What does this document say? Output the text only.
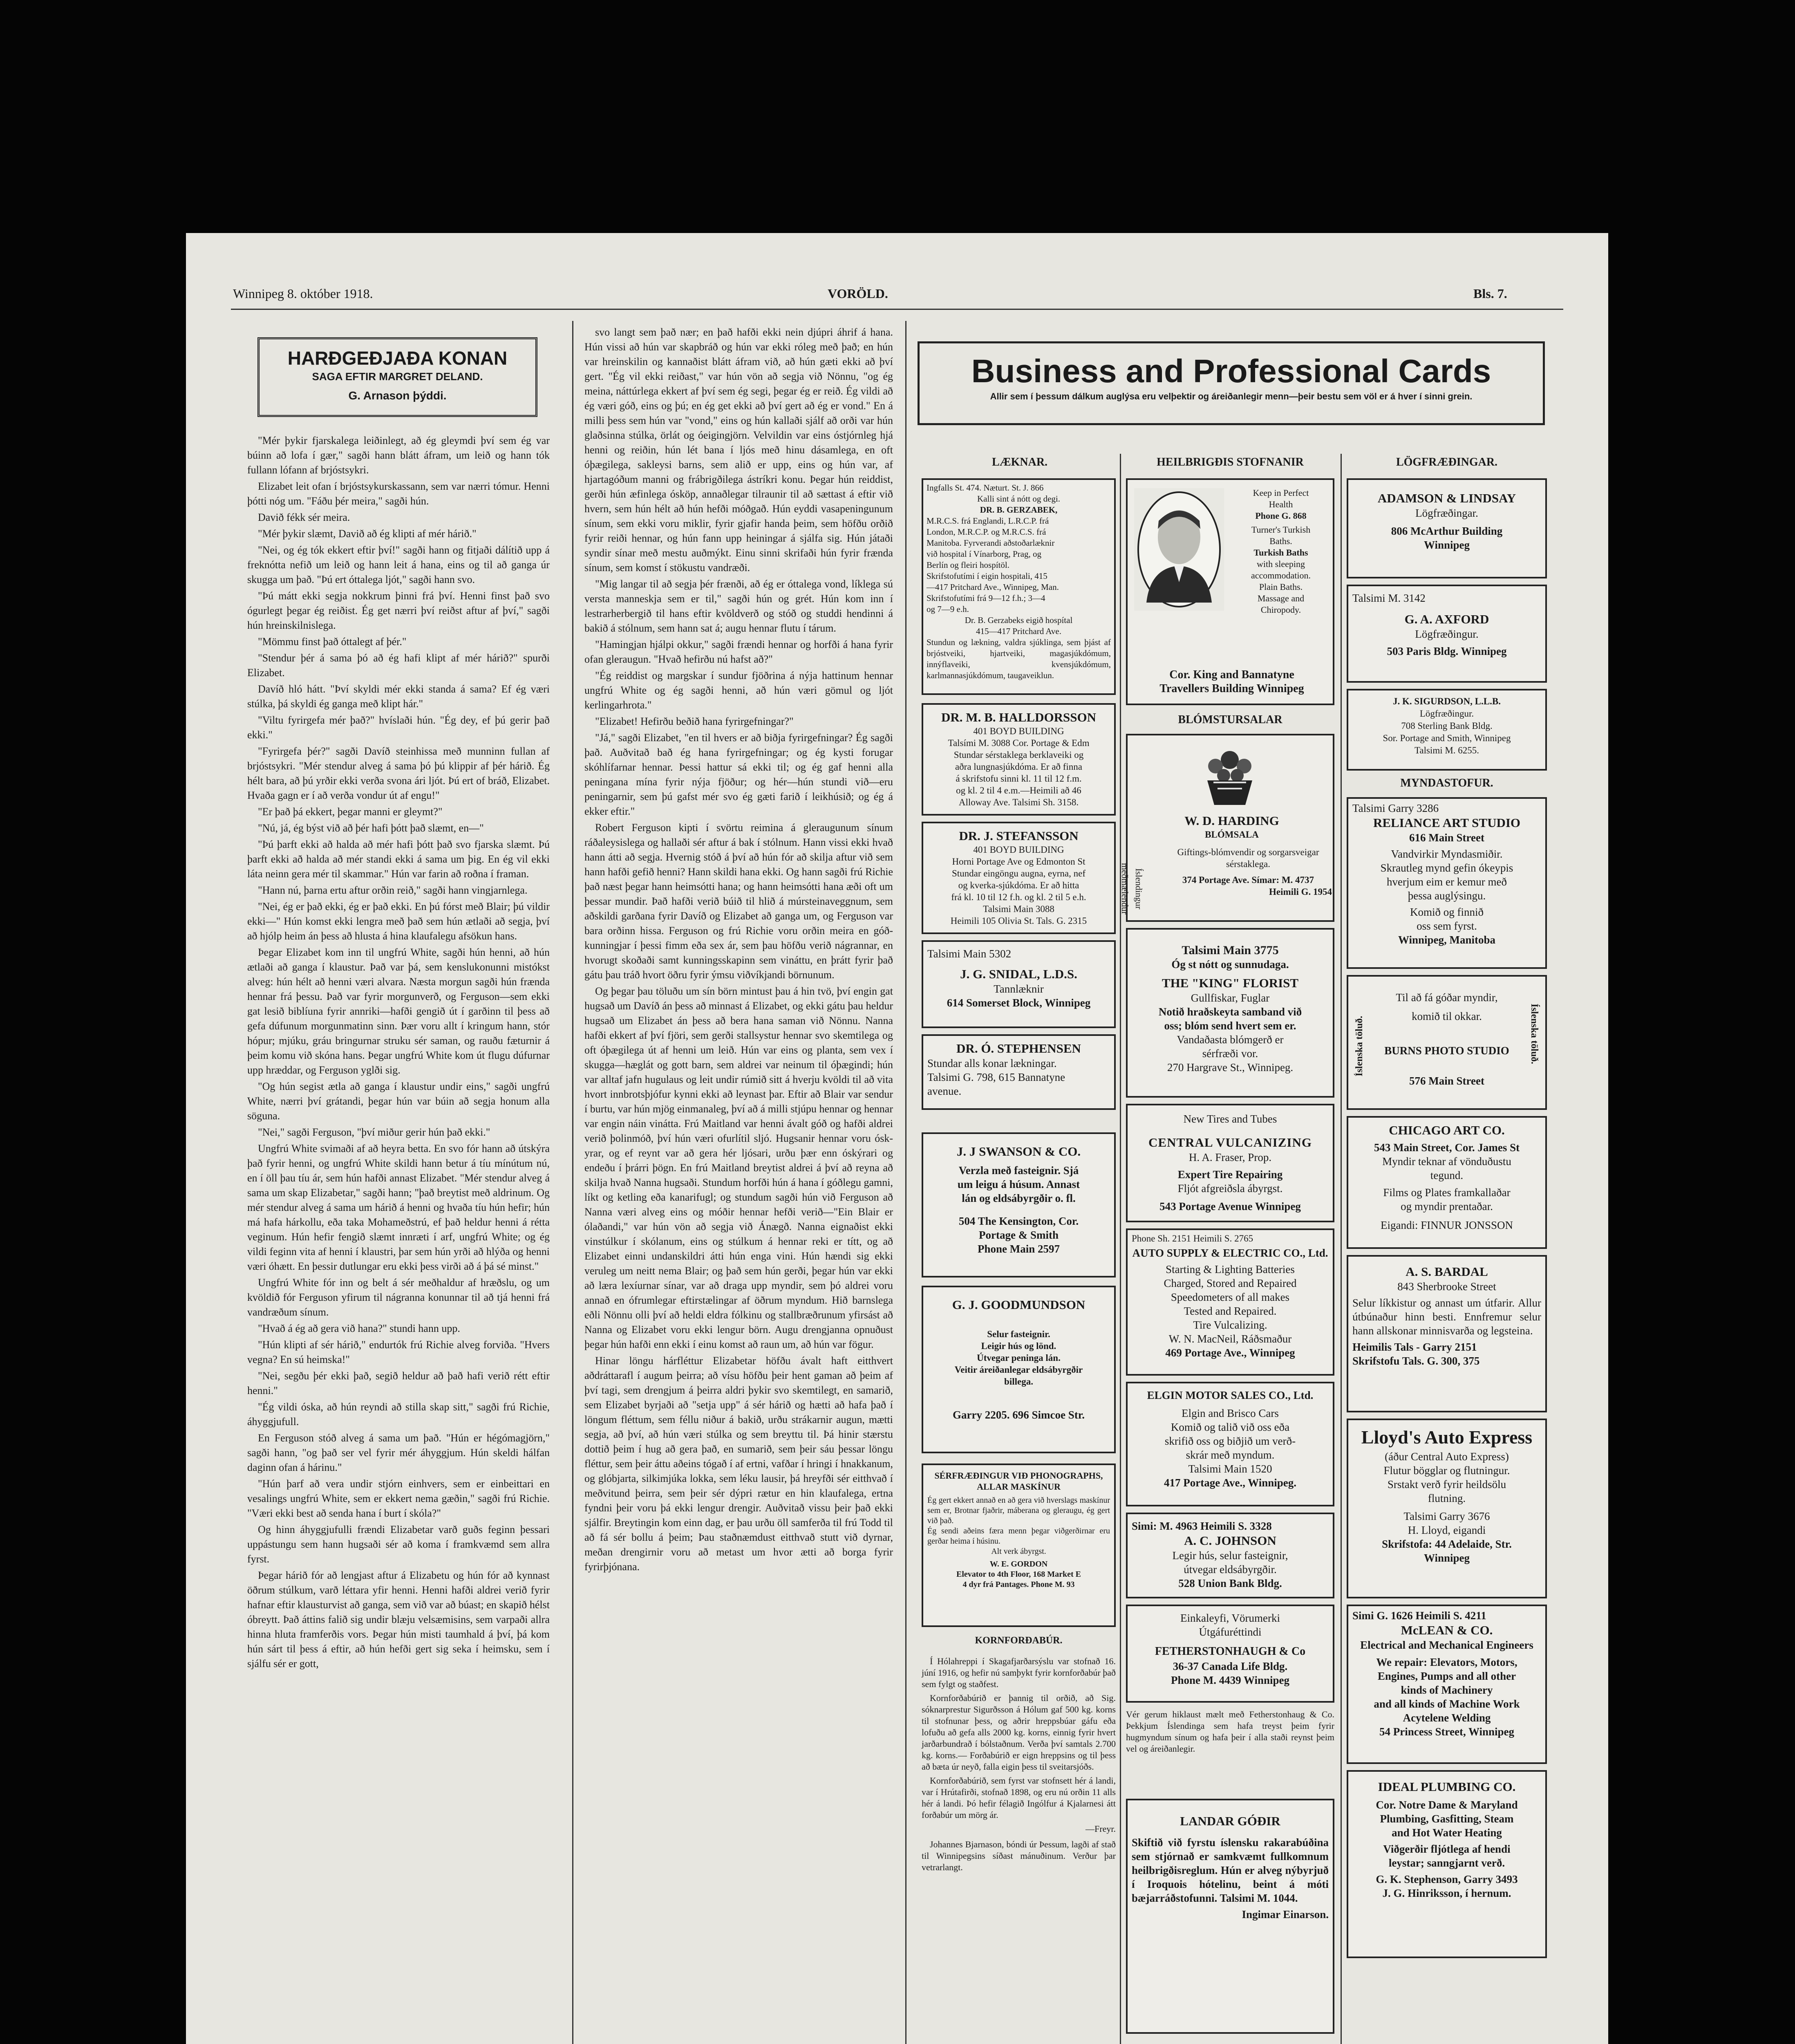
Winnipeg 8. október 1918.	VORÖLD.	Bls. 7.
HARÐGEÐJAÐA KONAN
SAGA EFTIR MARGRET DELAND.
G. Arnason þýddi.

"Mér þykir fjarskalega leiðinlegt, að ég gleymdi því sem ég var búinn að lofa í gær," sagði hann blátt áfram, um leið og hann tók fullann lófann af brjóstsykri.

Elizabet leit ofan í brjóstsykurskassann, sem var nærri tómur. Henni þótti nóg um. "Fáðu þér meira," sagði hún.

Davið fékk sér meira.

"Mér þykir slæmt, Davið að ég klipti af mér hárið."

"Nei, og ég tók ekkert eftir því!" sagði hann og fitjaði dálítið upp á freknótta nefið um leið og hann leit á hana, eins og til að ganga úr skugga um það. "Þú ert óttalega ljót," sagði hann svo.

"Þú mátt ekki segja nokkrum þinni frá því. Henni finst það svo ógurlegt þegar ég reiðist. Ég get nærri því reiðst aftur af því," sagði hún hreinskilnislega.

"Mömmu finst það óttalegt af þér."

"Stendur þér á sama þó að ég hafi klipt af mér hárið?" spurði Elizabet.

Davíð hló hátt. "Því skyldi mér ekki standa á sama? Ef ég væri stúlka, þá skyldi ég ganga með klipt hár."

"Viltu fyrirgefa mér það?" hvíslaði hún. "Ég dey, ef þú gerir það ekki."

"Fyrirgefa þér?" sagði Davíð steinhissa með munninn fullan af brjóstsykri. "Mér stendur alveg á sama þó þú klippir af þér hárið. Ég hélt bara, að þú yrðir ekki verða svona ári ljót. Þú ert of bráð, Elizabet. Hvaða gagn er í að verða vondur út af engu!"

"Er það þá ekkert, þegar manni er gleymt?"

"Nú, já, ég býst við að þér hafi þótt það slæmt, en—"

"Þú þarft ekki að halda að mér hafi þótt það svo fjarska slæmt. Þú þarft ekki að halda að mér standi ekki á sama um þig. En ég vil ekki láta neinn gera mér til skammar." Hún var farin að roðna í framan.

"Hann nú, þarna ertu aftur orðin reið," sagði hann vingjarnlega.

"Nei, ég er það ekki, ég er það ekki. En þú fórst með Blair; þú vildir ekki—" Hún komst ekki lengra með það sem hún ætlaði að segja, því að hjólp heim án þess að hlusta á hina klaufalegu afsökun hans.

Þegar Elizabet kom inn til ungfrú White, sagði hún henni, að hún ætlaði að ganga í klaustur. Það var þá, sem kenslukonunni mistókst alveg: hún hélt að henni væri alvara. Næsta morgun sagði hún frænda hennar frá þessu. Það var fyrir morgunverð, og Ferguson—sem ekki gat lesið biblíuna fyrir annriki—hafði gengið út í garðinn til þess að gefa dúfunum morgunmatinn sinn. Þær voru allt í kringum hann, stór hópur; mjúku, gráu bringurnar struku sér saman, og rauðu fæturnir á þeim komu við skóna hans. Þegar ungfrú White kom út flugu dúfurnar upp hræddar, og Ferguson yglði sig.

"Og hún segist ætla að ganga í klaustur undir eins," sagði ungfrú White, nærri því grátandi, þegar hún var búin að segja honum alla söguna.

"Nei," sagði Ferguson, "því miður gerir hún það ekki."

Ungfrú White svimaði af að heyra betta. En svo fór hann að útskýra það fyrir henni, og ungfrú White skildi hann betur á tíu mínútum nú, en í öll þau tíu ár, sem hún hafði annast Elizabet. "Mér stendur alveg á sama um skap Elizabetar," sagði hann; "það breytist með aldrinum. Og mér stendur alveg á sama um hárið á henni og hvaða tíu hún hefir; hún má hafa hárkollu, eða taka Mohameðstrú, ef það heldur henni á rétta veginum. Hún hefir fengið slæmt innræti í arf, ungfrú White; og ég vildi feginn vita af henni í klaustri, þar sem hún yrði að hlýða og henni væri óhætt. En þessir dutlungar eru ekki þess virði að á þá sé minst."

Ungfrú White fór inn og belt á sér meðhaldur af hræðslu, og um kvöldið fór Ferguson yfirum til nágranna konunnar til að tjá henni frá vandræðum sínum.

"Hvað á ég að gera við hana?" stundi hann upp.

"Hún klipti af sér hárið," endurtók frú Richie alveg forviða. "Hvers vegna? En sú heimska!"

"Nei, segðu þér ekki það, segið heldur að það hafi verið rétt eftir henni."

"Ég vildi óska, að hún reyndi að stilla skap sitt," sagði frú Richie, áhyggjufull.

En Ferguson stóð alveg á sama um það. "Hún er hégómagjörn," sagði hann, "og það ser vel fyrir mér áhyggjum. Hún skeldi hálfan daginn ofan á hárinu."

"Hún þarf að vera undir stjórn einhvers, sem er einbeittari en vesalings ungfrú White, sem er ekkert nema gæðin," sagði frú Richie. "Væri ekki best að senda hana í burt í skóla?"

Og hinn áhyggjufulli frændi Elizabetar varð guðs feginn þessari uppástungu sem hann hugsaði sér að koma í framkvæmd sem allra fyrst.

Þegar hárið fór að lengjast aftur á Elizabetu og hún fór að kynnast öðrum stúlkum, varð léttara yfir henni. Henni hafði aldrei verið fyrir hafnar eftir klausturvist að ganga, sem við var að búast; en skapið hélst óbreytt. Það áttins falið sig undir blæju velsæmisins, sem varpaði allra hinna hluta framferðis vors. Þegar hún misti taumhald á því, þá kom hún sárt til þess á eftir, að hún hefði gert sig seka í heimsku, sem í sjálfu sér er gott,

svo langt sem það nær; en það hafði ekki nein djúpri áhrif á hana. Hún vissi að hún var skapbráð og hún var ekki róleg með það; en hún var hreinskilin og kannaðist blátt áfram við, að hún gæti ekki að því gert. "Ég vil ekki reiðast," var hún vön að segja við Nönnu, "og ég meina, náttúrlega ekkert af því sem ég segi, þegar ég er reið. Ég vildi að ég væri góð, eins og þú; en ég get ekki að því gert að ég er vond." En á milli þess sem hún var "vond," eins og hún kallaði sjálf að orði var hún glaðsinna stúlka, örlát og óeigingjörn. Velvildin var eins óstjórnleg hjá henni og reiðin, hún lét bana í ljós með hinu dásamlega, en oft óþægilega, sakleysi barns, sem alið er upp, eins og hún var, af hjartagóðum manni og frábrigðilega ástríkri konu. Þegar hún reiddist, gerði hún æfinlega ósköp, annaðlegar tilraunir til að sættast á eftir við hvern, sem hún hélt að hún hefði móðgað. Hún eyddi vasapeningunum sínum, sem ekki voru miklir, fyrir gjafir handa þeim, sem höfðu orðið fyrir reiði hennar, og hún fann upp heiningar á sjálfa sig. Hún játaði syndir sínar með mestu auðmýkt. Einu sinni skrifaði hún fyrir frænda sínum, sem komst í stökustu vandræði.

"Mig langar til að segja þér frænði, að ég er óttalega vond, líklega sú versta manneskja sem er til," sagði hún og grét. Hún kom inn í lestrarherbergið til hans eftir kvöldverð og stóð og studdi hendinni á bakið á stólnum, sem hann sat á; augu hennar flutu í tárum.

"Hamingjan hjálpi okkur," sagði frændi hennar og horfði á hana fyrir ofan gleraugun. "Hvað hefirðu nú hafst að?"

"Ég reiddist og margskar í sundur fjöðrina á nýja hattinum hennar ungfrú White og ég sagði henni, að hún væri gömul og ljót kerlingarhrota."

"Elizabet! Hefirðu beðið hana fyrirgefningar?"

"Já," sagði Elizabet, "en til hvers er að biðja fyrirgefningar? Ég sagði það. Auðvitað bað ég hana fyrirgefningar; og ég kysti forugar skóhlífarnar hennar. Þessi hattur sá ekki til; og ég gaf henni alla peningana mína fyrir nýja fjöður; og hér—hún stundi við—eru peningarnir, sem þú gafst mér svo ég gæti farið í leikhúsið; og ég á ekker eftir."

Robert Ferguson kipti í svörtu reimina á gleraugunum sínum ráðaleysislega og hallaði sér aftur á bak í stólnum. Hann vissi ekki hvað hann átti að segja. Hvernig stóð á því að hún fór að skilja aftur við sem hann hafði gefið henni? Hann skildi hana ekki. Og hann sagði frú Richie það næst þegar hann heimsótti hana; og hann heimsótti hana æði oft um þessar mundir. Það hafði verið búið til hlið á múrsteinaveggnum, sem aðskildi garðana fyrir Davíð og Elizabet að ganga um, og Ferguson var bara orðinn hissa. Ferguson og frú Richie voru orðin meira en góð-kunningjar í þessi fimm eða sex ár, sem þau höfðu verið nágrannar, en hvorugt skoðaði samt kunningsskapinn sem vináttu, en þrátt fyrir það gátu þau tráð hvort öðru fyrir ýmsu viðvíkjandi börnunum.

Og þegar þau töluðu um sín börn mintust þau á hin tvö, því engin gat hugsað um Davíð án þess að minnast á Elizabet, og ekki gátu þau heldur hugsað um Elizabet án þess að bera hana saman við Nönnu. Nanna hafði ekkert af því fjöri, sem gerði stallsystur hennar svo skemtilega og oft óþægilega út af henni um leið. Hún var eins og planta, sem vex í skugga—hæglát og gott barn, sem aldrei var neinum til óþægindi; hún var alltaf jafn hugulaus og leit undir rúmið sitt á hverju kvöldi til að vita hvort innbrotsþjófur kynni ekki að leynast þar. Eftir að Blair var sendur í burtu, var hún mjög einmanaleg, því að á milli stjúpu hennar og hennar var engin náin vinátta. Frú Maitland var henni ávalt góð og hafði aldrei verið þolinmóð, því hún væri ofurlítil sljó. Hugsanir hennar voru óskyrar, og ef reynt var að gera hér ljósari, urðu þær enn óskýrari og endeðu í þrárri þögn. En frú Maitland breytist aldrei á því að reyna að skilja hvað Nanna hugsaði. Stundum horfði hún á hana í góðlegu gamni, líkt og ketling eða kanarifugl; og stundum sagði hún við Ferguson að Nanna væri alveg eins og móðir hennar hefði verið—"Ein Blair er ólaðandi," var hún vön að segja við Ánægð. Nanna eignaðist ekki vinstúlkur í skólanum, eins og stúlkum á hennar reki er títt, og að Elizabet einni undanskildri átti hún enga vini. Hún hændi sig ekki veruleg um neitt nema Blair; og það sem hún gerði, þegar hún var ekki að læra lexíurnar sínar, var að draga upp myndir, sem þó aldrei voru annað en ófrumlegar eftirstælingar af öðrum myndum. Hið barnslega eðli Nönnu olli því að heldi eldra fólkinu og stallbræðrunum yfirsást að Nanna og Elizabet voru ekki lengur börn. Augu drengjanna opnuðust þegar hún hafði enn ekki í einu komst að raun um, að hún var fögur.

Hinar löngu hárfléttur Elizabetar höfðu ávalt haft eitthvert aðdráttarafl í augum þeirra; að vísu höfðu þeir hent gaman að þeim af því tagi, sem drengjum á þeirra aldri þykir svo skemtilegt, en samarið, sem Elizabet byrjaði að "setja upp" á sér hárið og hætti að hafa það í löngum fléttum, sem féllu niður á bakið, urðu strákarnir augun, mætti segja, að því, að hún væri stúlka og sem breyttu til. Þá hinir stærstu dottið þeim í hug að gera það, en sumarið, sem þeir sáu þessar löngu fléttur, sem þeir áttu aðeins tógað í af ertni, vafðar í hringi í hnakkanum, og glóbjarta, silkimjúka lokka, sem léku lausir, þá hreyfði sér eitthvað í meðvitund þeirra, sem þeir sér dýpri rætur en hin klaufalega, ertna fyndni þeir voru þá ekki lengur drengir. Auðvitað vissu þeir það ekki sjálfir. Breytingin kom einn dag, er þau urðu öll samferða til frú Todd til að fá sér bollu á þeim; Þau staðnæmdust eitthvað stutt við dyrnar, meðan drengirnir voru að metast um hvor ætti að borga fyrir fyrirþjónana.

Business and Professional Cards
Allir sem í þessum dálkum auglýsa eru velþektir og áreiðanlegir menn—þeir bestu sem völ er á hver í sinni grein.
LÆKNAR.	HEILBRIGÐIS STOFNANIR	LÖGFRÆÐINGAR.
Ingfalls St. 474. Næturt. St. J. 866
Kalli sint á nótt og degi.
DR. B. GERZABEK,
M.R.C.S. frá Englandi, L.R.C.P. frá
London, M.R.C.P. og M.R.C.S. frá
Manitoba. Fyrverandi aðstoðarlæknir
við hospital í Vínarborg, Prag, og
Berlín og fleiri hospítöl.
Skrifstofutími í eigin hospitali, 415
—417 Pritchard Ave., Winnipeg, Man.
Skrifstofutími frá 9—12 f.h.; 3—4
og 7—9 e.h.
Dr. B. Gerzabeks eigið hospítal
415—417 Pritchard Ave.
Stundun og lækning, valdra sjúklinga, sem þjást af brjóstveiki, hjartveiki, magasjúkdómum, innýflaveiki, kvensjúkdómum, karlmannasjúkdómum, taugaveiklun.
DR. M. B. HALLDORSSON
401 BOYD BUILDING
Talsími M. 3088 Cor. Portage & Edm
Stundar sérstaklega berklaveiki og
aðra lungnasjúkdóma. Er að finna
á skrifstofu sinni kl. 11 til 12 f.m.
og kl. 2 til 4 e.m.—Heimili að 46
Alloway Ave. Talsimi Sh. 3158.
DR. J. STEFANSSON
401 BOYD BUILDING
Horni Portage Ave og Edmonton St
Stundar eingöngu augna, eyrna, nef
og kverka-sjúkdóma. Er að hitta
frá kl. 10 til 12 f.h. og kl. 2 til 5 e.h.
Talsimi Main 3088
Heimili 105 Olivia St. Tals. G. 2315
Talsimi Main 5302
J. G. SNIDAL, L.D.S.
Tannlæknir
614 Somerset Block, Winnipeg
DR. Ó. STEPHENSEN
Stundar alls konar lækningar.
Talsimi G. 798, 615 Bannatyne
avenue.
J. J SWANSON & CO.
Verzla með fasteignir. Sjá
um leigu á húsum. Annast
lán og eldsábyrgðir o. fl.
504 The Kensington, Cor.
Portage & Smith
Phone Main 2597
G. J. GOODMUNDSON
Selur fasteignir.
Leigir hús og lönd.
Útvegar peninga lán.
Veitir áreiðanlegar eldsábyrgðir
billega.
Garry 2205. 696 Simcoe Str.
SÉRFRÆÐINGUR VIÐ PHONOGRAPHS, ALLAR MASKÍNUR
Ég gert ekkert annað en að gera við hverslags maskínur sem er, Brotnar fjaðrir, máberana og gleraugu, ég gert við það.
Ég sendi aðeins færa menn þegar viðgerðirnar eru gerðar heima í húsinu.
Alt verk ábyrgst.
W. E. GORDON
Elevator to 4th Floor, 168 Market E
4 dyr frá Pantages. Phone M. 93
KORNFORÐABÚR.

Í Hólahreppi í Skagafjarðarsýslu var stofnað 16. júní 1916, og hefir nú samþykt fyrir kornforðabúr það sem fylgt og staðfest.

Kornforðabúrið er þannig til orðið, að Sig. sóknarprestur Sigurðsson á Hólum gaf 500 kg. korns til stofnunar þess, og aðrir hreppsbúar gáfu eða lofuðu að gefa alls 2000 kg. korns, einnig fyrir hvert jarðarbundrað í bólstaðnum. Verða því samtals 2.700 kg. korns.— Forðabúrið er eign hreppsins og til þess að bæta úr neyð, falla eigin þess til sveitarsjóðs.

Kornforðabúrið, sem fyrst var stofnsett hér á landi, var í Hrútafirði, stofnað 1898, og eru nú orðin 11 alls hér á landi. Þó hefir félagið Ingólfur á Kjalarnesi átt forðabúr um mörg ár.

—Freyr.

Johannes Bjarnason, bóndi úr Þessum, lagði af stað til Winnipegsins síðast mánuðinum. Verður þar vetrarlangt.

Keep in Perfect
Health
Phone G. 868
Turner's Turkish
Baths.
Turkish Baths
with sleeping accommodation.
Plain Baths.
Massage and
Chiropody.
Cor. King and Bannatyne
Travellers Building Winnipeg
BLÓMSTURSALAR
W. D. HARDING
BLÓMSALA
Giftings-blómvendir og sorgarsveigar sérstaklega.
374 Portage Ave. Símar: M. 4737
Heimili G. 1954
Íslendingur meðmælendur
Talsimi Main 3775
Óg st nótt og sunnudaga.
THE "KING" FLORIST
Gullfiskar, Fuglar
Notið hraðskeyta samband við
oss; blóm send hvert sem er.
Vandaðasta blómgerð er
sérfræði vor.
270 Hargrave St., Winnipeg.
New Tires and Tubes
CENTRAL VULCANIZING
H. A. Fraser, Prop.
Expert Tire Repairing
Fljót afgreiðsla ábyrgst.
543 Portage Avenue Winnipeg
Phone Sh. 2151 Heimili S. 2765
AUTO SUPPLY & ELECTRIC CO., Ltd.
Starting & Lighting Batteries
Charged, Stored and Repaired
Speedometers of all makes
Tested and Repaired.
Tire Vulcalizing.
W. N. MacNeil, Ráðsmaður
469 Portage Ave., Winnipeg
ELGIN MOTOR SALES CO., Ltd.
Elgin and Brisco Cars
Komið og talið við oss eða
skrifið oss og biðjið um verð-
skrár með myndum.
Talsimi Main 1520
417 Portage Ave., Winnipeg.
Simi: M. 4963 Heimili S. 3328
A. C. JOHNSON
Legir hús, selur fasteignir,
útvegar eldsábyrgðir.
528 Union Bank Bldg.
Einkaleyfi, Vörumerki
Útgáfuréttindi
FETHERSTONHAUGH & Co
36-37 Canada Life Bldg.
Phone M. 4439 Winnipeg
Vér gerum hiklaust mælt með Fetherstonhaug & Co. Þekkjum Íslendinga sem hafa treyst þeim fyrir hugmyndum sínum og hafa þeir í alla staði reynst þeim vel og áreiðanlegir.
LANDAR GÓÐIR
Skiftið við fyrstu íslensku rakarabúðina sem stjórnað er samkvæmt fullkomnum heilbrigðisreglum. Hún er alveg nýbyrjuð í Iroquois hótelinu, beint á móti bæjarráðstofunni. Talsimi M. 1044.
Ingimar Einarson.
ADAMSON & LINDSAY
Lögfræðingar.
806 McArthur Building
Winnipeg
Talsimi M. 3142
G. A. AXFORD
Lögfræðingur.
503 Paris Bldg. Winnipeg
J. K. SIGURDSON, L.L.B.
Lögfræðingur.
708 Sterling Bank Bldg.
Sor. Portage and Smith, Winnipeg
Talsimi M. 6255.
MYNDASTOFUR.
Talsimi Garry 3286
RELIANCE ART STUDIO
616 Main Street
Vandvirkir Myndasmiðir.
Skrautleg mynd gefin ókeypis
hverjum eim er kemur með
þessa auglýsingu.
Komið og finnið
oss sem fyrst.
Winnipeg, Manitoba
Til að fá góðar myndir,
komið til okkar.
BURNS PHOTO STUDIO
576 Main Street
Íslenska töluð.	Íslenska töluð.
CHICAGO ART CO.
543 Main Street, Cor. James St
Myndir teknar af vönduðustu
tegund.
Films og Plates framkallaðar
og myndir prentaðar.
Eigandi: FINNUR JONSSON
A. S. BARDAL
843 Sherbrooke Street
Selur líkkistur og annast um útfarir. Allur útbúnaður hinn besti. Ennfremur selur hann allskonar minnisvarða og legsteina.
Heimilis Tals - Garry 2151
Skrifstofu Tals. G. 300, 375
Lloyd's Auto Express
(áður Central Auto Express)
Flutur bögglar og flutningur.
Srstakt verð fyrir heildsölu
flutning.
Talsimi Garry 3676
H. Lloyd, eigandi
Skrifstofa: 44 Adelaide, Str.
Winnipeg
Simi G. 1626 Heimili S. 4211
McLEAN & CO.
Electrical and Mechanical Engineers
We repair: Elevators, Motors,
Engines, Pumps and all other
kinds of Machinery
and all kinds of Machine Work
Acytelene Welding
54 Princess Street, Winnipeg
IDEAL PLUMBING CO.
Cor. Notre Dame & Maryland
Plumbing, Gasfitting, Steam
and Hot Water Heating
Viðgerðir fljótlega af hendi
leystar; sanngjarnt verð.
G. K. Stephenson, Garry 3493
J. G. Hinriksson, í hernum.
